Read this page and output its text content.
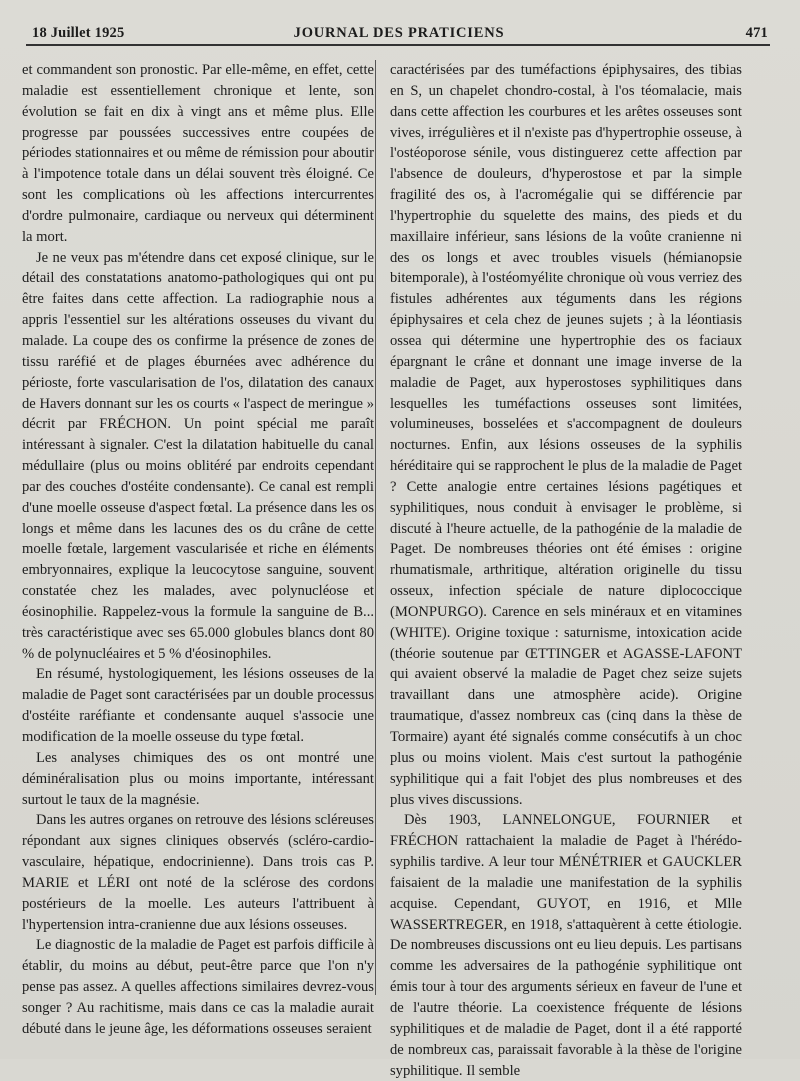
18 Juillet 1925	JOURNAL DES PRATICIENS	471

et commandent son pronostic. Par elle-même, en effet, cette maladie est essentiellement chronique et lente, son évolution se fait en dix à vingt ans et même plus. Elle progresse par poussées successives entre coupées de périodes stationnaires et ou même de rémission pour aboutir à l'impotence totale dans un délai souvent très éloigné. Ce sont les complications où les affections intercurrentes d'ordre pulmonaire, cardiaque ou nerveux qui déterminent la mort.

Je ne veux pas m'étendre dans cet exposé clinique, sur le détail des constatations anatomo-pathologiques qui ont pu être faites dans cette affection. La radiographie nous a appris l'essentiel sur les altérations osseuses du vivant du malade. La coupe des os confirme la présence de zones de tissu raréfié et de plages éburnées avec adhérence du périoste, forte vascularisation de l'os, dilatation des canaux de Havers donnant sur les os courts « l'aspect de meringue » décrit par FRÉCHON. Un point spécial me paraît intéressant à signaler. C'est la dilatation habituelle du canal médullaire (plus ou moins oblitéré par endroits cependant par des couches d'ostéite condensante). Ce canal est rempli d'une moelle osseuse d'aspect fœtal. La présence dans les os longs et même dans les lacunes des os du crâne de cette moelle fœtale, largement vascularisée et riche en éléments embryonnaires, explique la leucocytose sanguine, souvent constatée chez les malades, avec polynucléose et éosinophilie. Rappelez-vous la formule la sanguine de B... très caractéristique avec ses 65.000 globules blancs dont 80 % de polynucléaires et 5 % d'éosinophiles.

En résumé, hystologiquement, les lésions osseuses de la maladie de Paget sont caractérisées par un double processus d'ostéite raréfiante et condensante auquel s'associe une modification de la moelle osseuse du type fœtal.

Les analyses chimiques des os ont montré une déminéralisation plus ou moins importante, intéressant surtout le taux de la magnésie.

Dans les autres organes on retrouve des lésions scléreuses répondant aux signes cliniques observés (scléro-cardio-vasculaire, hépatique, endocrinienne). Dans trois cas P. MARIE et LÉRI ont noté de la sclérose des cordons postérieurs de la moelle. Les auteurs l'attribuent à l'hypertension intra-cranienne due aux lésions osseuses.

Le diagnostic de la maladie de Paget est parfois difficile à établir, du moins au début, peut-être parce que l'on n'y pense pas assez. A quelles affections similaires devrez-vous songer ? Au rachitisme, mais dans ce cas la maladie aurait débuté dans le jeune âge, les déformations osseuses seraient

caractérisées par des tuméfactions épiphysaires, des tibias en S, un chapelet chondro-costal, à l'os téomalacie, mais dans cette affection les courbures et les arêtes osseuses sont vives, irrégulières et il n'existe pas d'hypertrophie osseuse, à l'ostéoporose sénile, vous distinguerez cette affection par l'absence de douleurs, d'hyperostose et par la simple fragilité des os, à l'acromégalie qui se différencie par l'hypertrophie du squelette des mains, des pieds et du maxillaire inférieur, sans lésions de la voûte cranienne ni des os longs et avec troubles visuels (hémianopsie bitemporale), à l'ostéomyélite chronique où vous verriez des fistules adhérentes aux téguments dans les régions épiphysaires et cela chez de jeunes sujets ; à la léontiasis ossea qui détermine une hypertrophie des os faciaux épargnant le crâne et donnant une image inverse de la maladie de Paget, aux hyperostoses syphilitiques dans lesquelles les tuméfactions osseuses sont limitées, volumineuses, bosselées et s'accompagnent de douleurs nocturnes. Enfin, aux lésions osseuses de la syphilis héréditaire qui se rapprochent le plus de la maladie de Paget ? Cette analogie entre certaines lésions pagétiques et syphilitiques, nous conduit à envisager le problème, si discuté à l'heure actuelle, de la pathogénie de la maladie de Paget. De nombreuses théories ont été émises : origine rhumatismale, arthritique, altération originelle du tissu osseux, infection spéciale de nature diplococcique (MONPURGO). Carence en sels minéraux et en vitamines (WHITE). Origine toxique : saturnisme, intoxication acide (théorie soutenue par ŒTTINGER et AGASSE-LAFONT qui avaient observé la maladie de Paget chez seize sujets travaillant dans une atmosphère acide). Origine traumatique, d'assez nombreux cas (cinq dans la thèse de Tormaire) ayant été signalés comme consécutifs à un choc plus ou moins violent. Mais c'est surtout la pathogénie syphilitique qui a fait l'objet des plus nombreuses et des plus vives discussions.

Dès 1903, LANNELONGUE, FOURNIER et FRÉCHON rattachaient la maladie de Paget à l'hérédo-syphilis tardive. A leur tour MÉNÉTRIER et GAUCKLER faisaient de la maladie une manifestation de la syphilis acquise. Cependant, GUYOT, en 1916, et Mlle WASSERTREGER, en 1918, s'attaquèrent à cette étiologie. De nombreuses discussions ont eu lieu depuis. Les partisans comme les adversaires de la pathogénie syphilitique ont émis tour à tour des arguments sérieux en faveur de l'une et de l'autre théorie. La coexistence fréquente de lésions syphilitiques et de maladie de Paget, dont il a été rapporté de nombreux cas, paraissait favorable à la thèse de l'origine syphilitique. Il semble
